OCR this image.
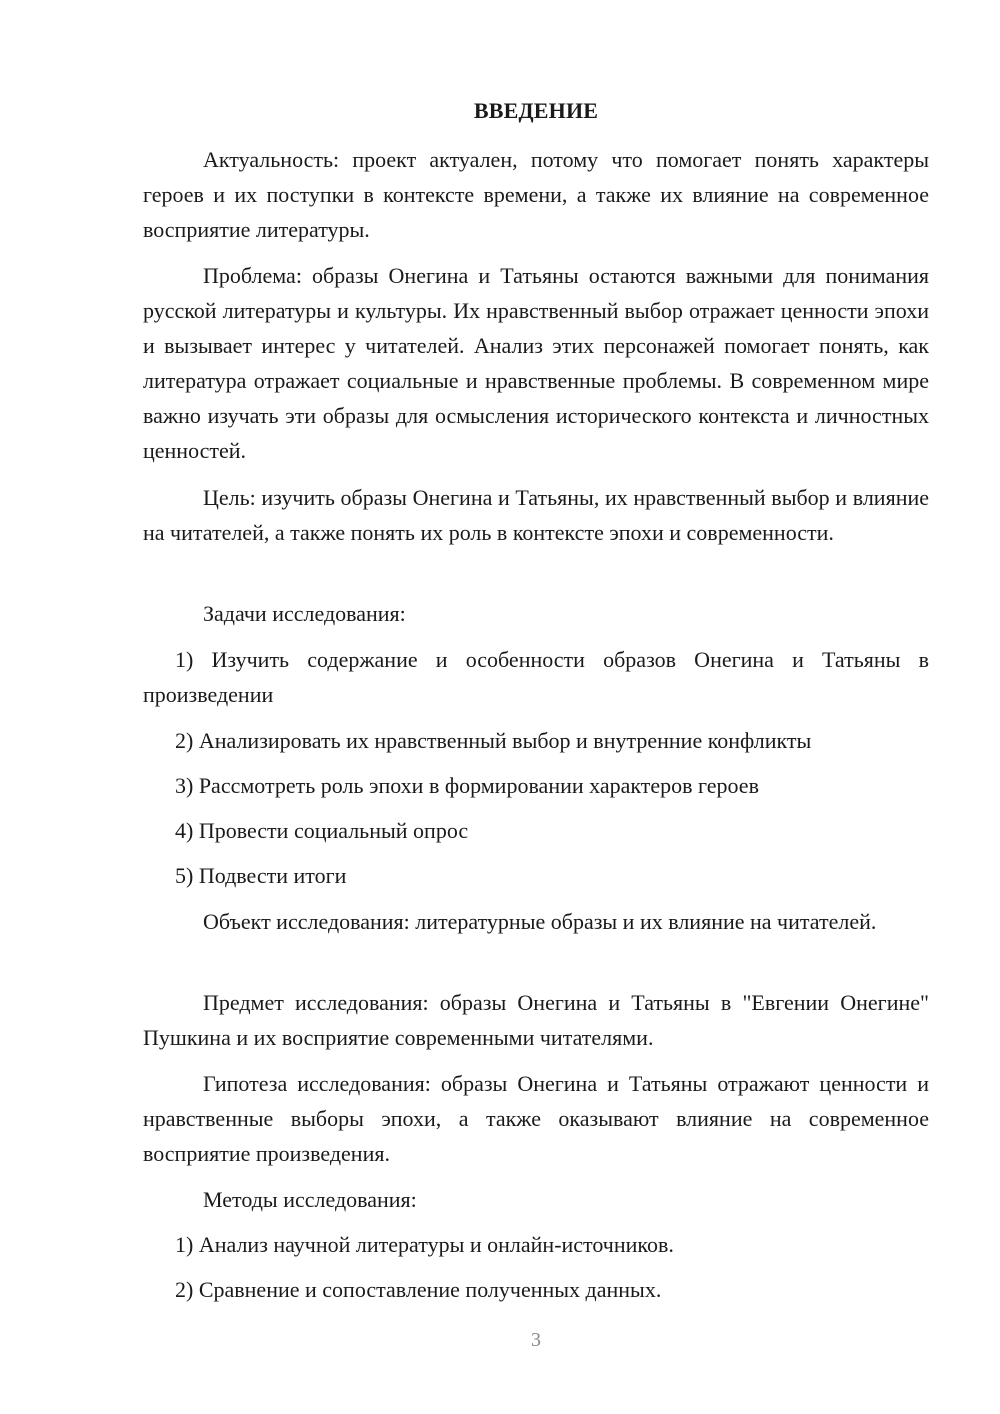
ВВЕДЕНИЕ

Актуальность: проект актуален, потому что помогает понять характеры героев и их поступки в контексте времени, а также их влияние на современное восприятие литературы.

Проблема: образы Онегина и Татьяны остаются важными для понимания русской литературы и культуры. Их нравственный выбор отражает ценности эпохи и вызывает интерес у читателей. Анализ этих персонажей помогает понять, как литература отражает социальные и нравственные проблемы. В современном мире важно изучать эти образы для осмысления исторического контекста и личностных ценностей.

Цель: изучить образы Онегина и Татьяны, их нравственный выбор и влияние на читателей, а также понять их роль в контексте эпохи и современности.

Задачи исследования:

1) Изучить содержание и особенности образов Онегина и Татьяны в произведении

2) Анализировать их нравственный выбор и внутренние конфликты

3) Рассмотреть роль эпохи в формировании характеров героев

4) Провести социальный опрос

5) Подвести итоги

Объект исследования: литературные образы и их влияние на читателей.

Предмет исследования: образы Онегина и Татьяны в "Евгении Онегине" Пушкина и их восприятие современными читателями.

Гипотеза исследования: образы Онегина и Татьяны отражают ценности и нравственные выборы эпохи, а также оказывают влияние на современное восприятие произведения.

Методы исследования:

1) Анализ научной литературы и онлайн-источников.

2) Сравнение и сопоставление полученных данных.

3
